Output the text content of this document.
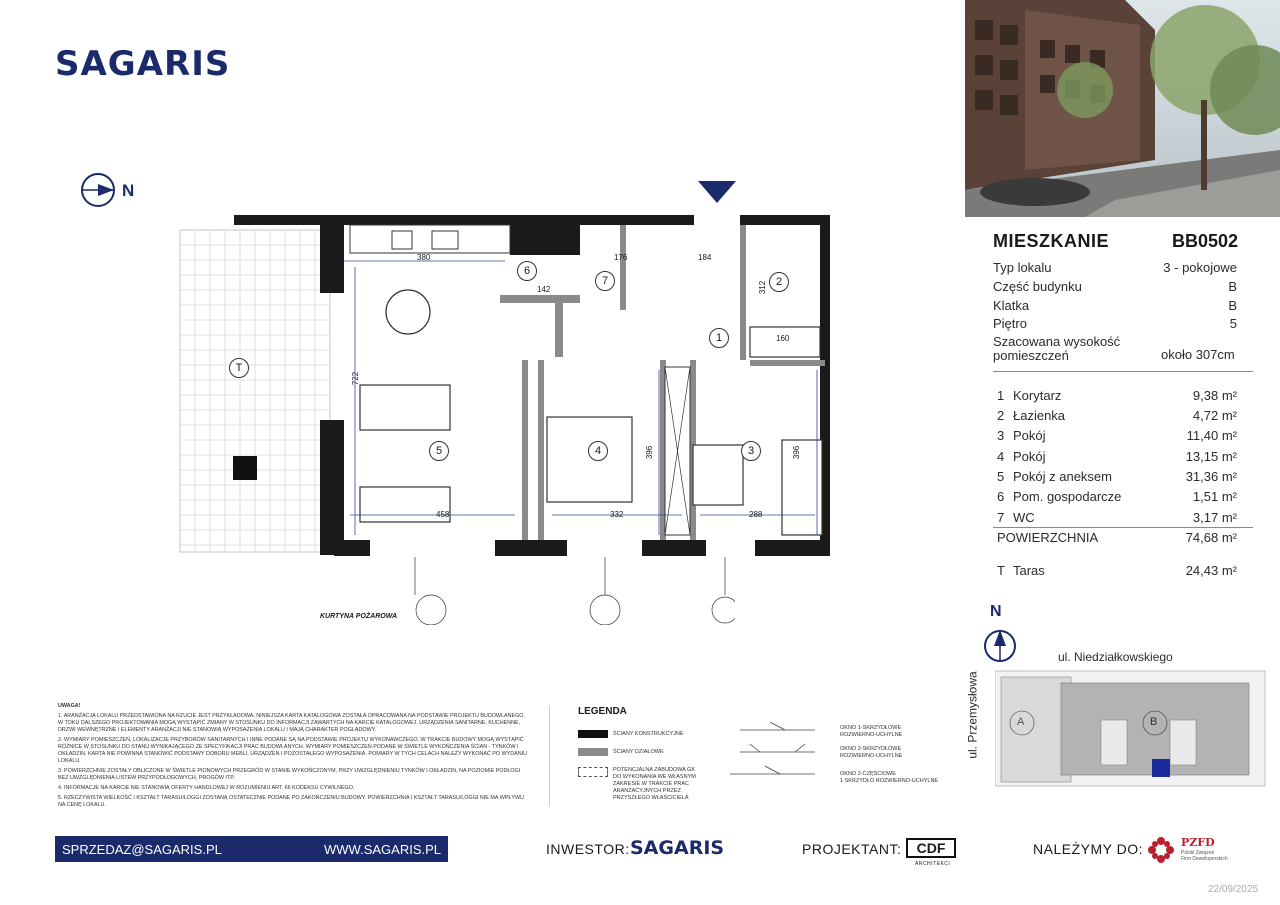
SAGARIS
N
380
142
176	184
312
160
722
396	396
458	332	288
1
2
3
4
5
6
7
T
KURTYNA POŻAROWA
MIESZKANIE	BB0502
Typ lokalu	3 - pokojowe
Część budynku	B
Klatka	B
Piętro	5
Szacowana wysokość
pomieszczeń	około 307cm
1 Korytarz	9,38 m²
2 Łazienka	4,72 m²
3 Pokój	11,40 m²
4 Pokój	13,15 m²
5 Pokój z aneksem	31,36 m²
6 Pom. gospodarcze	1,51 m²
7 WC	3,17 m²
POWIERZCHNIA	74,68 m²
T Taras	24,43 m²
N
ul. Niedziałkowskiego
ul. Przemysłowa	A	B

UWAGA!

1. ARANŻACJA LOKALU PRZEDSTAWIONA NA RZUCIE JEST PRZYKŁADOWA, NINIEJSZA KARTA KATALOGOWA ZOSTAŁA OPRACOWANA NA PODSTAWIE PROJEKTU BUDOWLANEGO. W TOKU DALSZEGO PROJEKTOWANIA MOGĄ WYSTĄPIĆ ZMIANY W STOSUNKU DO INFORMACJI ZAWARTYCH NA KARCIE KATALOGOWEJ. URZĄDZENIA SANITARNE, KUCHENNE, DRZWI WEWNĘTRZNE I ELEMENTY ARANŻACJI NIE STANOWIĄ WYPOSAŻENIA LOKALU I MAJĄ CHARAKTER POGLĄDOWY.

2. WYMIARY POMIESZCZEŃ, LOKALIZACJE PRZYBORÓW SANITARNYCH I INNE PODANE SĄ NA PODSTAWIE PROJEKTU WYKONAWCZEGO. W TRAKCIE BUDOWY MOGĄ WYSTĄPIĆ RÓŻNICE W STOSUNKU DO STANU WYNIKAJĄCEGO ZE SPECYFIKACJI PRAC BUDOWLANYCH. WYMIARY POMIESZCZEŃ PODANE W ŚWIETLE WYKOŃCZENIA ŚCIAN - TYNKÓW I OKŁADZIN. KARTA NIE POWINNA STANOWIĆ PODSTAWY DOBORU MEBLI, URZĄDZEŃ I POZOSTAŁEGO WYPOSAŻENIA. POMIARY W TYCH CELACH NALEŻY WYKONAĆ PO WYDANIU LOKALU.

3. POWIERZCHNIE ZOSTAŁY OBLICZONE W ŚWIETLE PIONOWYCH PRZEGRÓD W STANIE WYKOŃCZONYM, PRZY UWZGLĘDNIENIU TYNKÓW I OKŁADZIN, NA POZIOMIE PODŁOGI BEZ UWZGLĘDNIENIA LISTEW PRZYPODŁOGOWYCH, PROGÓW ITP.

4. INFORMACJE NA KARCIE NIE STANOWIĄ OFERTY HANDLOWEJ W ROZUMIENIU ART. 66 KODEKSU CYWILNEGO.

5. RZECZYWISTA WIELKOŚĆ I KSZTAŁT TARASU/LOGGI ZOSTANĄ OSTATECZNIE PODANE PO ZAKOŃCZENIU BUDOWY. POWIERZCHNIA I KSZTAŁT TARASU/LOGGI NIE MA WPŁYWU NA CENĘ LOKALU.

LEGENDA
ŚCIANY KONSTRUKCYJNE
ŚCIANY DZIAŁOWE
POTENCJALNA ZABUDOWA GK
DO WYKONANIA WE WŁASNYM
ZAKRESIE W TRAKCIE PRAC
ARANŻACYJNYCH PRZEZ
PRZYSZŁEGO WŁAŚCICIELA
OKNO 1-SKRZYDŁOWE
ROZWIERNO-UCHYLNE
OKNO 2-SKRZYDŁOWE
ROZWIERNO-UCHYLNE
OKNO 2-CZĘŚCIOWE
1 SKRZYDŁO ROZWIERNO-UCHYLNE
SPRZEDAZ@SAGARIS.PL	WWW.SAGARIS.PL	INWESTOR: SAGARIS	PROJEKTANT:	CDF
ARCHITEKCI
NALEŻYMY DO:	PZFD
Polski Związek
Firm Deweloperskich
22/09/2025
